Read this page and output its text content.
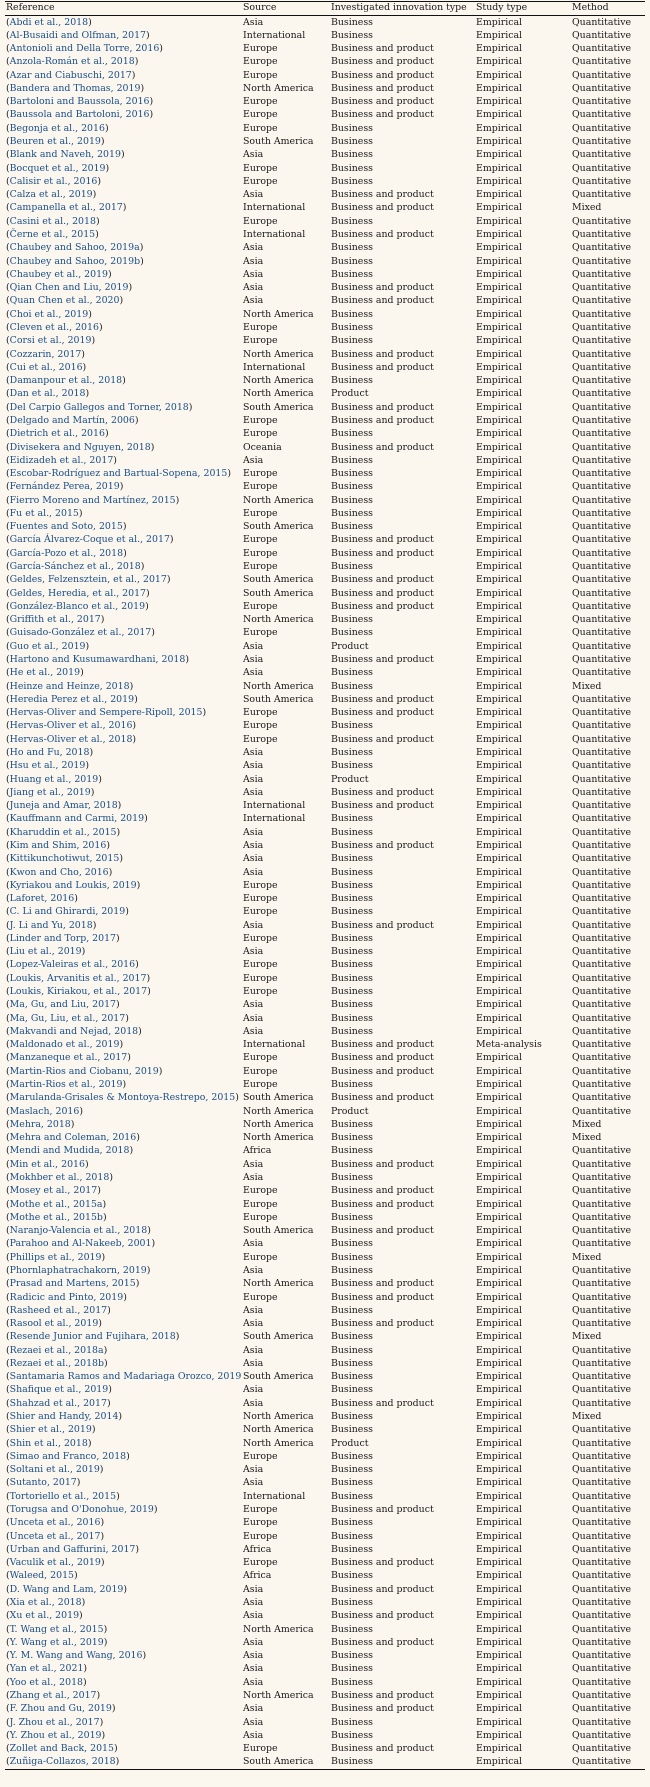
Reference	Source	Investigated innovation type	Study type	Method
(Abdi et al., 2018)	Asia	Business	Empirical	Quantitative
(Al-Busaidi and Olfman, 2017)	International	Business	Empirical	Quantitative
(Antonioli and Della Torre, 2016)	Europe	Business and product	Empirical	Quantitative
(Anzola-Román et al., 2018)	Europe	Business and product	Empirical	Quantitative
(Azar and Ciabuschi, 2017)	Europe	Business and product	Empirical	Quantitative
(Bandera and Thomas, 2019)	North America	Business and product	Empirical	Quantitative
(Bartoloni and Baussola, 2016)	Europe	Business and product	Empirical	Quantitative
(Baussola and Bartoloni, 2016)	Europe	Business and product	Empirical	Quantitative
(Begonja et al., 2016)	Europe	Business	Empirical	Quantitative
(Beuren et al., 2019)	South America	Business	Empirical	Quantitative
(Blank and Naveh, 2019)	Asia	Business	Empirical	Quantitative
(Bocquet et al., 2019)	Europe	Business	Empirical	Quantitative
(Calisir et al., 2016)	Europe	Business	Empirical	Quantitative
(Calza et al., 2019)	Asia	Business and product	Empirical	Quantitative
(Campanella et al., 2017)	International	Business and product	Empirical	Mixed
(Casini et al., 2018)	Europe	Business	Empirical	Quantitative
(Černe et al., 2015)	International	Business and product	Empirical	Quantitative
(Chaubey and Sahoo, 2019a)	Asia	Business	Empirical	Quantitative
(Chaubey and Sahoo, 2019b)	Asia	Business	Empirical	Quantitative
(Chaubey et al., 2019)	Asia	Business	Empirical	Quantitative
(Qian Chen and Liu, 2019)	Asia	Business and product	Empirical	Quantitative
(Quan Chen et al., 2020)	Asia	Business and product	Empirical	Quantitative
(Choi et al., 2019)	North America	Business	Empirical	Quantitative
(Cleven et al., 2016)	Europe	Business	Empirical	Quantitative
(Corsi et al., 2019)	Europe	Business	Empirical	Quantitative
(Cozzarin, 2017)	North America	Business and product	Empirical	Quantitative
(Cui et al., 2016)	International	Business and product	Empirical	Quantitative
(Damanpour et al., 2018)	North America	Business	Empirical	Quantitative
(Dan et al., 2018)	North America	Product	Empirical	Quantitative
(Del Carpio Gallegos and Torner, 2018)	South America	Business and product	Empirical	Quantitative
(Delgado and Martín, 2006)	Europe	Business and product	Empirical	Quantitative
(Dietrich et al., 2016)	Europe	Business	Empirical	Quantitative
(Divisekera and Nguyen, 2018)	Oceania	Business and product	Empirical	Quantitative
(Eidizadeh et al., 2017)	Asia	Business	Empirical	Quantitative
(Escobar-Rodríguez and Bartual-Sopena, 2015)	Europe	Business	Empirical	Quantitative
(Fernández Perea, 2019)	Europe	Business	Empirical	Quantitative
(Fierro Moreno and Martínez, 2015)	North America	Business	Empirical	Quantitative
(Fu et al., 2015)	Europe	Business	Empirical	Quantitative
(Fuentes and Soto, 2015)	South America	Business	Empirical	Quantitative
(García Álvarez-Coque et al., 2017)	Europe	Business and product	Empirical	Quantitative
(García-Pozo et al., 2018)	Europe	Business and product	Empirical	Quantitative
(García-Sánchez et al., 2018)	Europe	Business	Empirical	Quantitative
(Geldes, Felzensztein, et al., 2017)	South America	Business and product	Empirical	Quantitative
(Geldes, Heredia, et al., 2017)	South America	Business and product	Empirical	Quantitative
(González-Blanco et al., 2019)	Europe	Business and product	Empirical	Quantitative
(Griffith et al., 2017)	North America	Business	Empirical	Quantitative
(Guisado-González et al., 2017)	Europe	Business	Empirical	Quantitative
(Guo et al., 2019)	Asia	Product	Empirical	Quantitative
(Hartono and Kusumawardhani, 2018)	Asia	Business and product	Empirical	Quantitative
(He et al., 2019)	Asia	Business	Empirical	Quantitative
(Heinze and Heinze, 2018)	North America	Business	Empirical	Mixed
(Heredia Perez et al., 2019)	South America	Business and product	Empirical	Quantitative
(Hervas-Oliver and Sempere-Ripoll, 2015)	Europe	Business and product	Empirical	Quantitative
(Hervas-Oliver et al., 2016)	Europe	Business	Empirical	Quantitative
(Hervas-Oliver et al., 2018)	Europe	Business and product	Empirical	Quantitative
(Ho and Fu, 2018)	Asia	Business	Empirical	Quantitative
(Hsu et al., 2019)	Asia	Business	Empirical	Quantitative
(Huang et al., 2019)	Asia	Product	Empirical	Quantitative
(Jiang et al., 2019)	Asia	Business and product	Empirical	Quantitative
(Juneja and Amar, 2018)	International	Business and product	Empirical	Quantitative
(Kauffmann and Carmi, 2019)	International	Business	Empirical	Quantitative
(Kharuddin et al., 2015)	Asia	Business	Empirical	Quantitative
(Kim and Shim, 2016)	Asia	Business and product	Empirical	Quantitative
(Kittikunchotiwut, 2015)	Asia	Business	Empirical	Quantitative
(Kwon and Cho, 2016)	Asia	Business	Empirical	Quantitative
(Kyriakou and Loukis, 2019)	Europe	Business	Empirical	Quantitative
(Laforet, 2016)	Europe	Business	Empirical	Quantitative
(C. Li and Ghirardi, 2019)	Europe	Business	Empirical	Quantitative
(J. Li and Yu, 2018)	Asia	Business and product	Empirical	Quantitative
(Linder and Torp, 2017)	Europe	Business	Empirical	Quantitative
(Liu et al., 2019)	Asia	Business	Empirical	Quantitative
(Lopez-Valeiras et al., 2016)	Europe	Business	Empirical	Quantitative
(Loukis, Arvanitis et al., 2017)	Europe	Business	Empirical	Quantitative
(Loukis, Kiriakou, et al., 2017)	Europe	Business	Empirical	Quantitative
(Ma, Gu, and Liu, 2017)	Asia	Business	Empirical	Quantitative
(Ma, Gu, Liu, et al., 2017)	Asia	Business	Empirical	Quantitative
(Makvandi and Nejad, 2018)	Asia	Business	Empirical	Quantitative
(Maldonado et al., 2019)	International	Business and product	Meta-analysis	Quantitative
(Manzaneque et al., 2017)	Europe	Business and product	Empirical	Quantitative
(Martin-Rios and Ciobanu, 2019)	Europe	Business and product	Empirical	Quantitative
(Martin-Rios et al., 2019)	Europe	Business	Empirical	Quantitative
(Marulanda-Grisales & Montoya-Restrepo, 2015)	South America	Business and product	Empirical	Quantitative
(Maslach, 2016)	North America	Product	Empirical	Quantitative
(Mehra, 2018)	North America	Business	Empirical	Mixed
(Mehra and Coleman, 2016)	North America	Business	Empirical	Mixed
(Mendi and Mudida, 2018)	Africa	Business	Empirical	Quantitative
(Min et al., 2016)	Asia	Business and product	Empirical	Quantitative
(Mokhber et al., 2018)	Asia	Business	Empirical	Quantitative
(Mosey et al., 2017)	Europe	Business and product	Empirical	Quantitative
(Mothe et al., 2015a)	Europe	Business and product	Empirical	Quantitative
(Mothe et al., 2015b)	Europe	Business	Empirical	Quantitative
(Naranjo-Valencia et al., 2018)	South America	Business and product	Empirical	Quantitative
(Parahoo and Al-Nakeeb, 2001)	Asia	Business	Empirical	Quantitative
(Phillips et al., 2019)	Europe	Business	Empirical	Mixed
(Phornlaphatrachakorn, 2019)	Asia	Business	Empirical	Quantitative
(Prasad and Martens, 2015)	North America	Business and product	Empirical	Quantitative
(Radicic and Pinto, 2019)	Europe	Business and product	Empirical	Quantitative
(Rasheed et al., 2017)	Asia	Business	Empirical	Quantitative
(Rasool et al., 2019)	Asia	Business and product	Empirical	Quantitative
(Resende Junior and Fujihara, 2018)	South America	Business	Empirical	Mixed
(Rezaei et al., 2018a)	Asia	Business	Empirical	Quantitative
(Rezaei et al., 2018b)	Asia	Business	Empirical	Quantitative
(Santamaria Ramos and Madariaga Orozco, 2019	South America	Business	Empirical	Quantitative
(Shafique et al., 2019)	Asia	Business	Empirical	Quantitative
(Shahzad et al., 2017)	Asia	Business and product	Empirical	Quantitative
(Shier and Handy, 2014)	North America	Business	Empirical	Mixed
(Shier et al., 2019)	North America	Business	Empirical	Quantitative
(Shin et al., 2018)	North America	Product	Empirical	Quantitative
(Simao and Franco, 2018)	Europe	Business	Empirical	Quantitative
(Soltani et al., 2019)	Asia	Business	Empirical	Quantitative
(Sutanto, 2017)	Asia	Business	Empirical	Quantitative
(Tortoriello et al., 2015)	International	Business	Empirical	Quantitative
(Torugsa and O'Donohue, 2019)	Europe	Business and product	Empirical	Quantitative
(Unceta et al., 2016)	Europe	Business	Empirical	Quantitative
(Unceta et al., 2017)	Europe	Business	Empirical	Quantitative
(Urban and Gaffurini, 2017)	Africa	Business	Empirical	Quantitative
(Vaculik et al., 2019)	Europe	Business and product	Empirical	Quantitative
(Waleed, 2015)	Africa	Business	Empirical	Quantitative
(D. Wang and Lam, 2019)	Asia	Business and product	Empirical	Quantitative
(Xia et al., 2018)	Asia	Business	Empirical	Quantitative
(Xu et al., 2019)	Asia	Business and product	Empirical	Quantitative
(T. Wang et al., 2015)	North America	Business	Empirical	Quantitative
(Y. Wang et al., 2019)	Asia	Business and product	Empirical	Quantitative
(Y. M. Wang and Wang, 2016)	Asia	Business	Empirical	Quantitative
(Yan et al., 2021)	Asia	Business	Empirical	Quantitative
(Yoo et al., 2018)	Asia	Business	Empirical	Quantitative
(Zhang et al., 2017)	North America	Business and product	Empirical	Quantitative
(F. Zhou and Gu, 2019)	Asia	Business and product	Empirical	Quantitative
(J. Zhou et al., 2017)	Asia	Business	Empirical	Quantitative
(Y. Zhou et al., 2019)	Asia	Business	Empirical	Quantitative
(Zollet and Back, 2015)	Europe	Business and product	Empirical	Quantitative
(Zuñiga-Collazos, 2018)	South America	Business	Empirical	Quantitative
